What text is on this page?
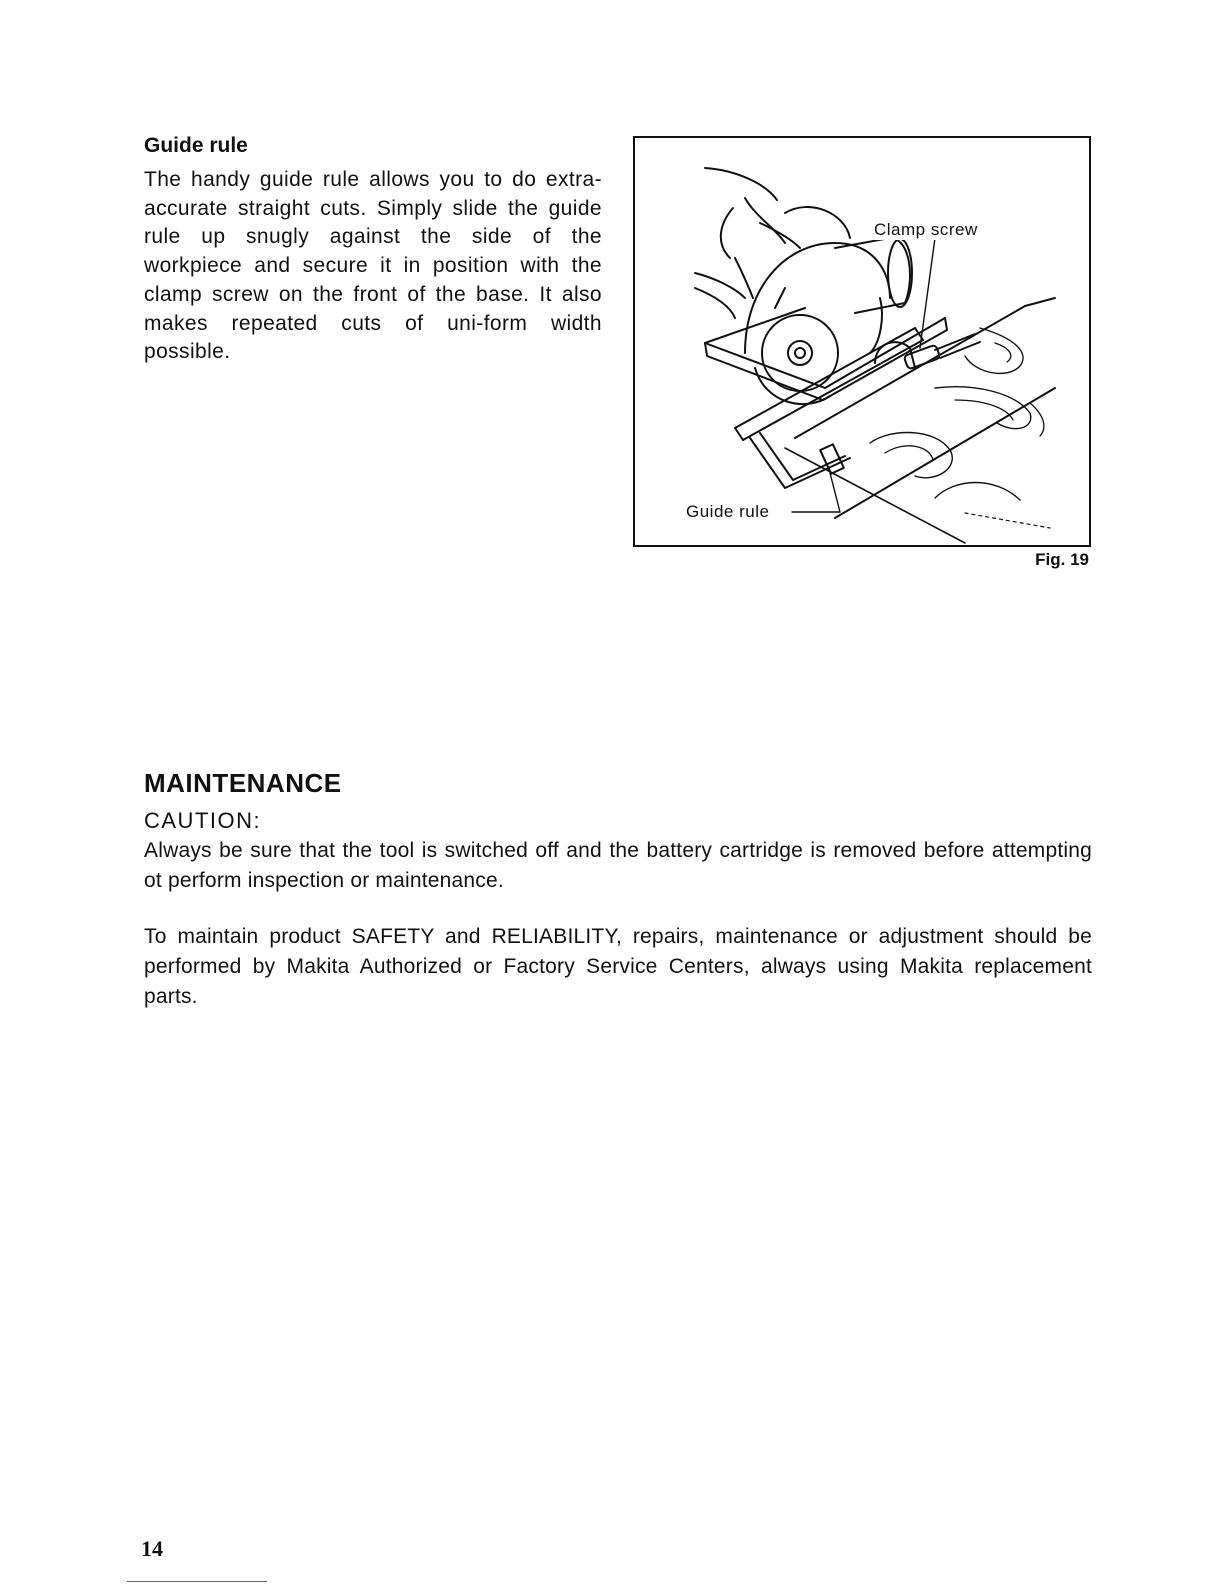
Guide rule
The handy guide rule allows you to do extra-accurate straight cuts. Simply slide the guide rule up snugly against the side of the workpiece and secure it in position with the clamp screw on the front of the base. It also makes repeated cuts of uni-form width possible.
Clamp screw
Guide rule
Fig. 19
MAINTENANCE
CAUTION:
Always be sure that the tool is switched off and the battery cartridge is removed before attempting ot perform inspection or maintenance.
To maintain product SAFETY and RELIABILITY, repairs, maintenance or adjustment should be performed by Makita Authorized or Factory Service Centers, always using Makita replacement parts.
14
